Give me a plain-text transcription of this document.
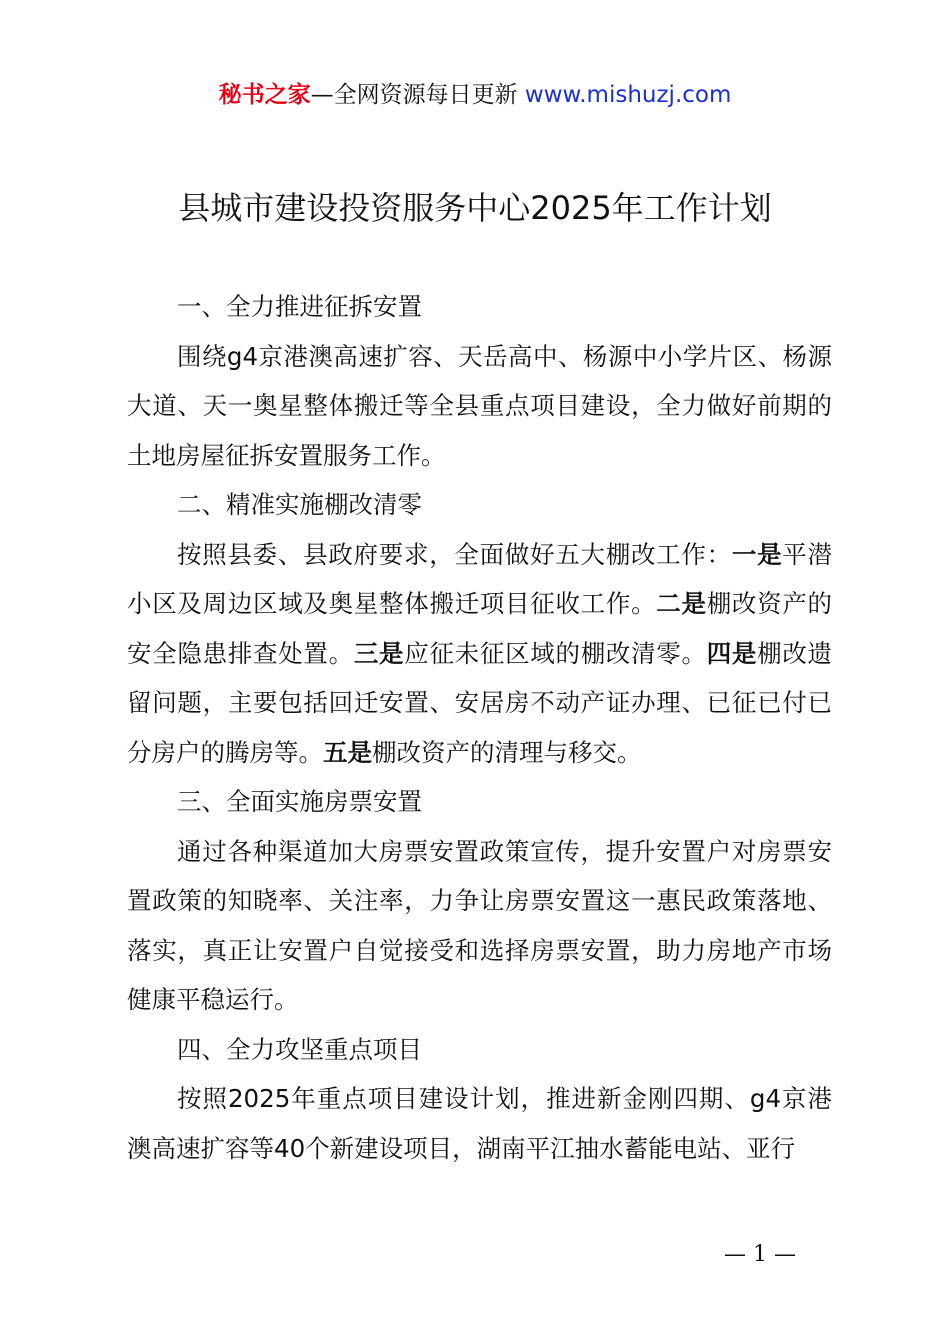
秘书之家—全网资源每日更新 www.mishuzj.com
县城市建设投资服务中心2025年工作计划

一、全力推进征拆安置

围绕g4京港澳高速扩容、天岳高中、杨源中小学片区、杨源大道、天一奥星整体搬迁等全县重点项目建设，全力做好前期的土地房屋征拆安置服务工作。

二、精准实施棚改清零

按照县委、县政府要求，全面做好五大棚改工作：一是平潜小区及周边区域及奥星整体搬迁项目征收工作。二是棚改资产的安全隐患排查处置。三是应征未征区域的棚改清零。四是棚改遗留问题，主要包括回迁安置、安居房不动产证办理、已征已付已分房户的腾房等。五是棚改资产的清理与移交。

三、全面实施房票安置

通过各种渠道加大房票安置政策宣传，提升安置户对房票安置政策的知晓率、关注率，力争让房票安置这一惠民政策落地、落实，真正让安置户自觉接受和选择房票安置，助力房地产市场健康平稳运行。

四、全力攻坚重点项目

按照2025年重点项目建设计划，推进新金刚四期、g4京港澳高速扩容等40个新建设项目，湖南平江抽水蓄能电站、亚行

— 1 —
